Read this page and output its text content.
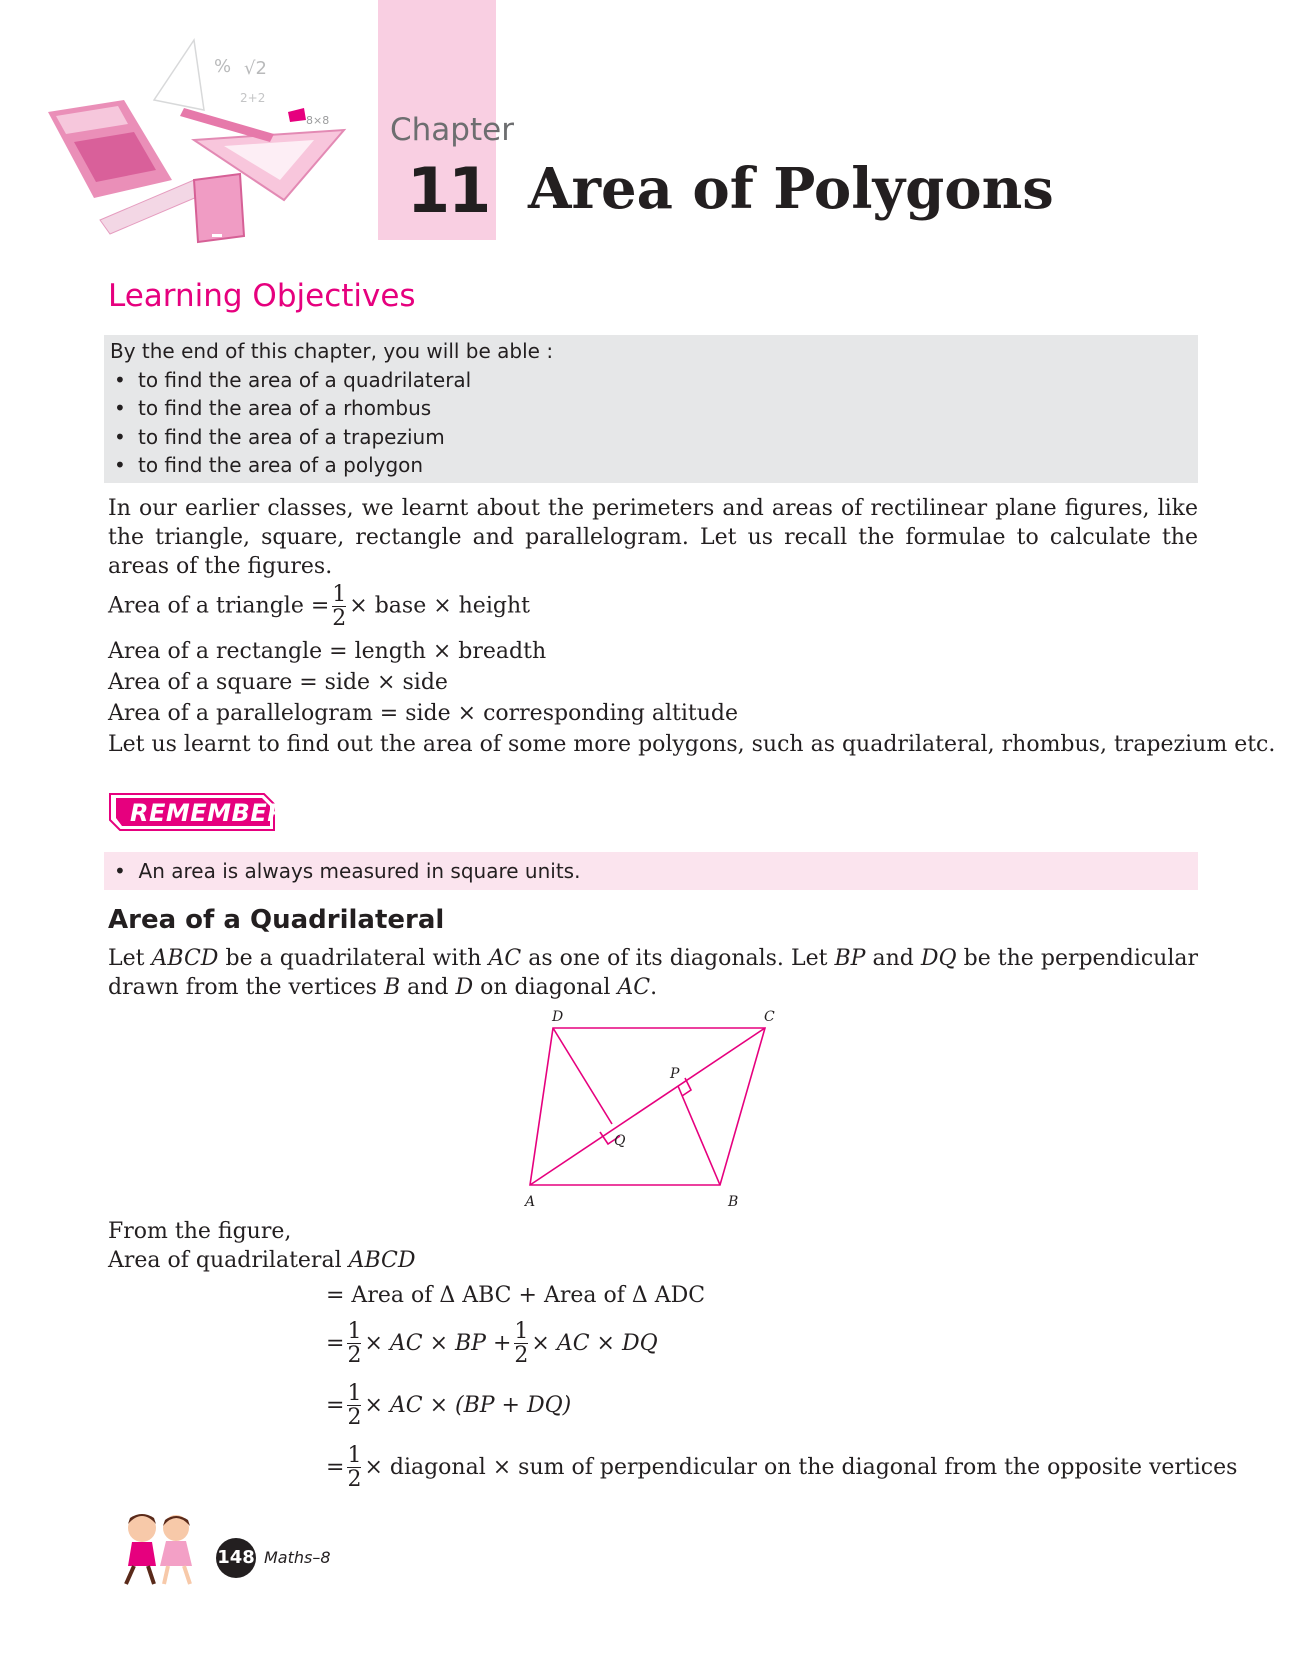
% √2
2+2
8×8 Chapter
11 Area of Polygons
Learning Objectives
By the end of this chapter, you will be able :
• to find the area of a quadrilateral
• to find the area of a rhombus
• to find the area of a trapezium
• to find the area of a polygon

In our earlier classes, we learnt about the perimeters and areas of rectilinear plane figures, like the triangle, square, rectangle and parallelogram. Let us recall the formulae to calculate the areas of the figures.

Area of a triangle = $\frac{1}{2}$ × base × height
Area of a rectangle = length × breadth
Area of a square = side × side
Area of a parallelogram = side × corresponding altitude
Let us learnt to find out the area of some more polygons, such as quadrilateral, rhombus, trapezium etc.
REMEMBER
• An area is always measured in square units.
Area of a Quadrilateral

Let ABCD be a quadrilateral with AC as one of its diagonals. Let BP and DQ be the perpendicular drawn from the vertices B and D on diagonal AC.

A	B
C
D
P
Q
From the figure,
Area of quadrilateral ABCD
= Area of Δ ABC + Area of Δ ADC
= $\frac{1}{2}$ × AC × BP + $\frac{1}{2}$ × AC × DQ
= $\frac{1}{2}$ × AC × (BP + DQ)
= $\frac{1}{2}$ × diagonal × sum of perpendicular on the diagonal from the opposite vertices
148 Maths–8
